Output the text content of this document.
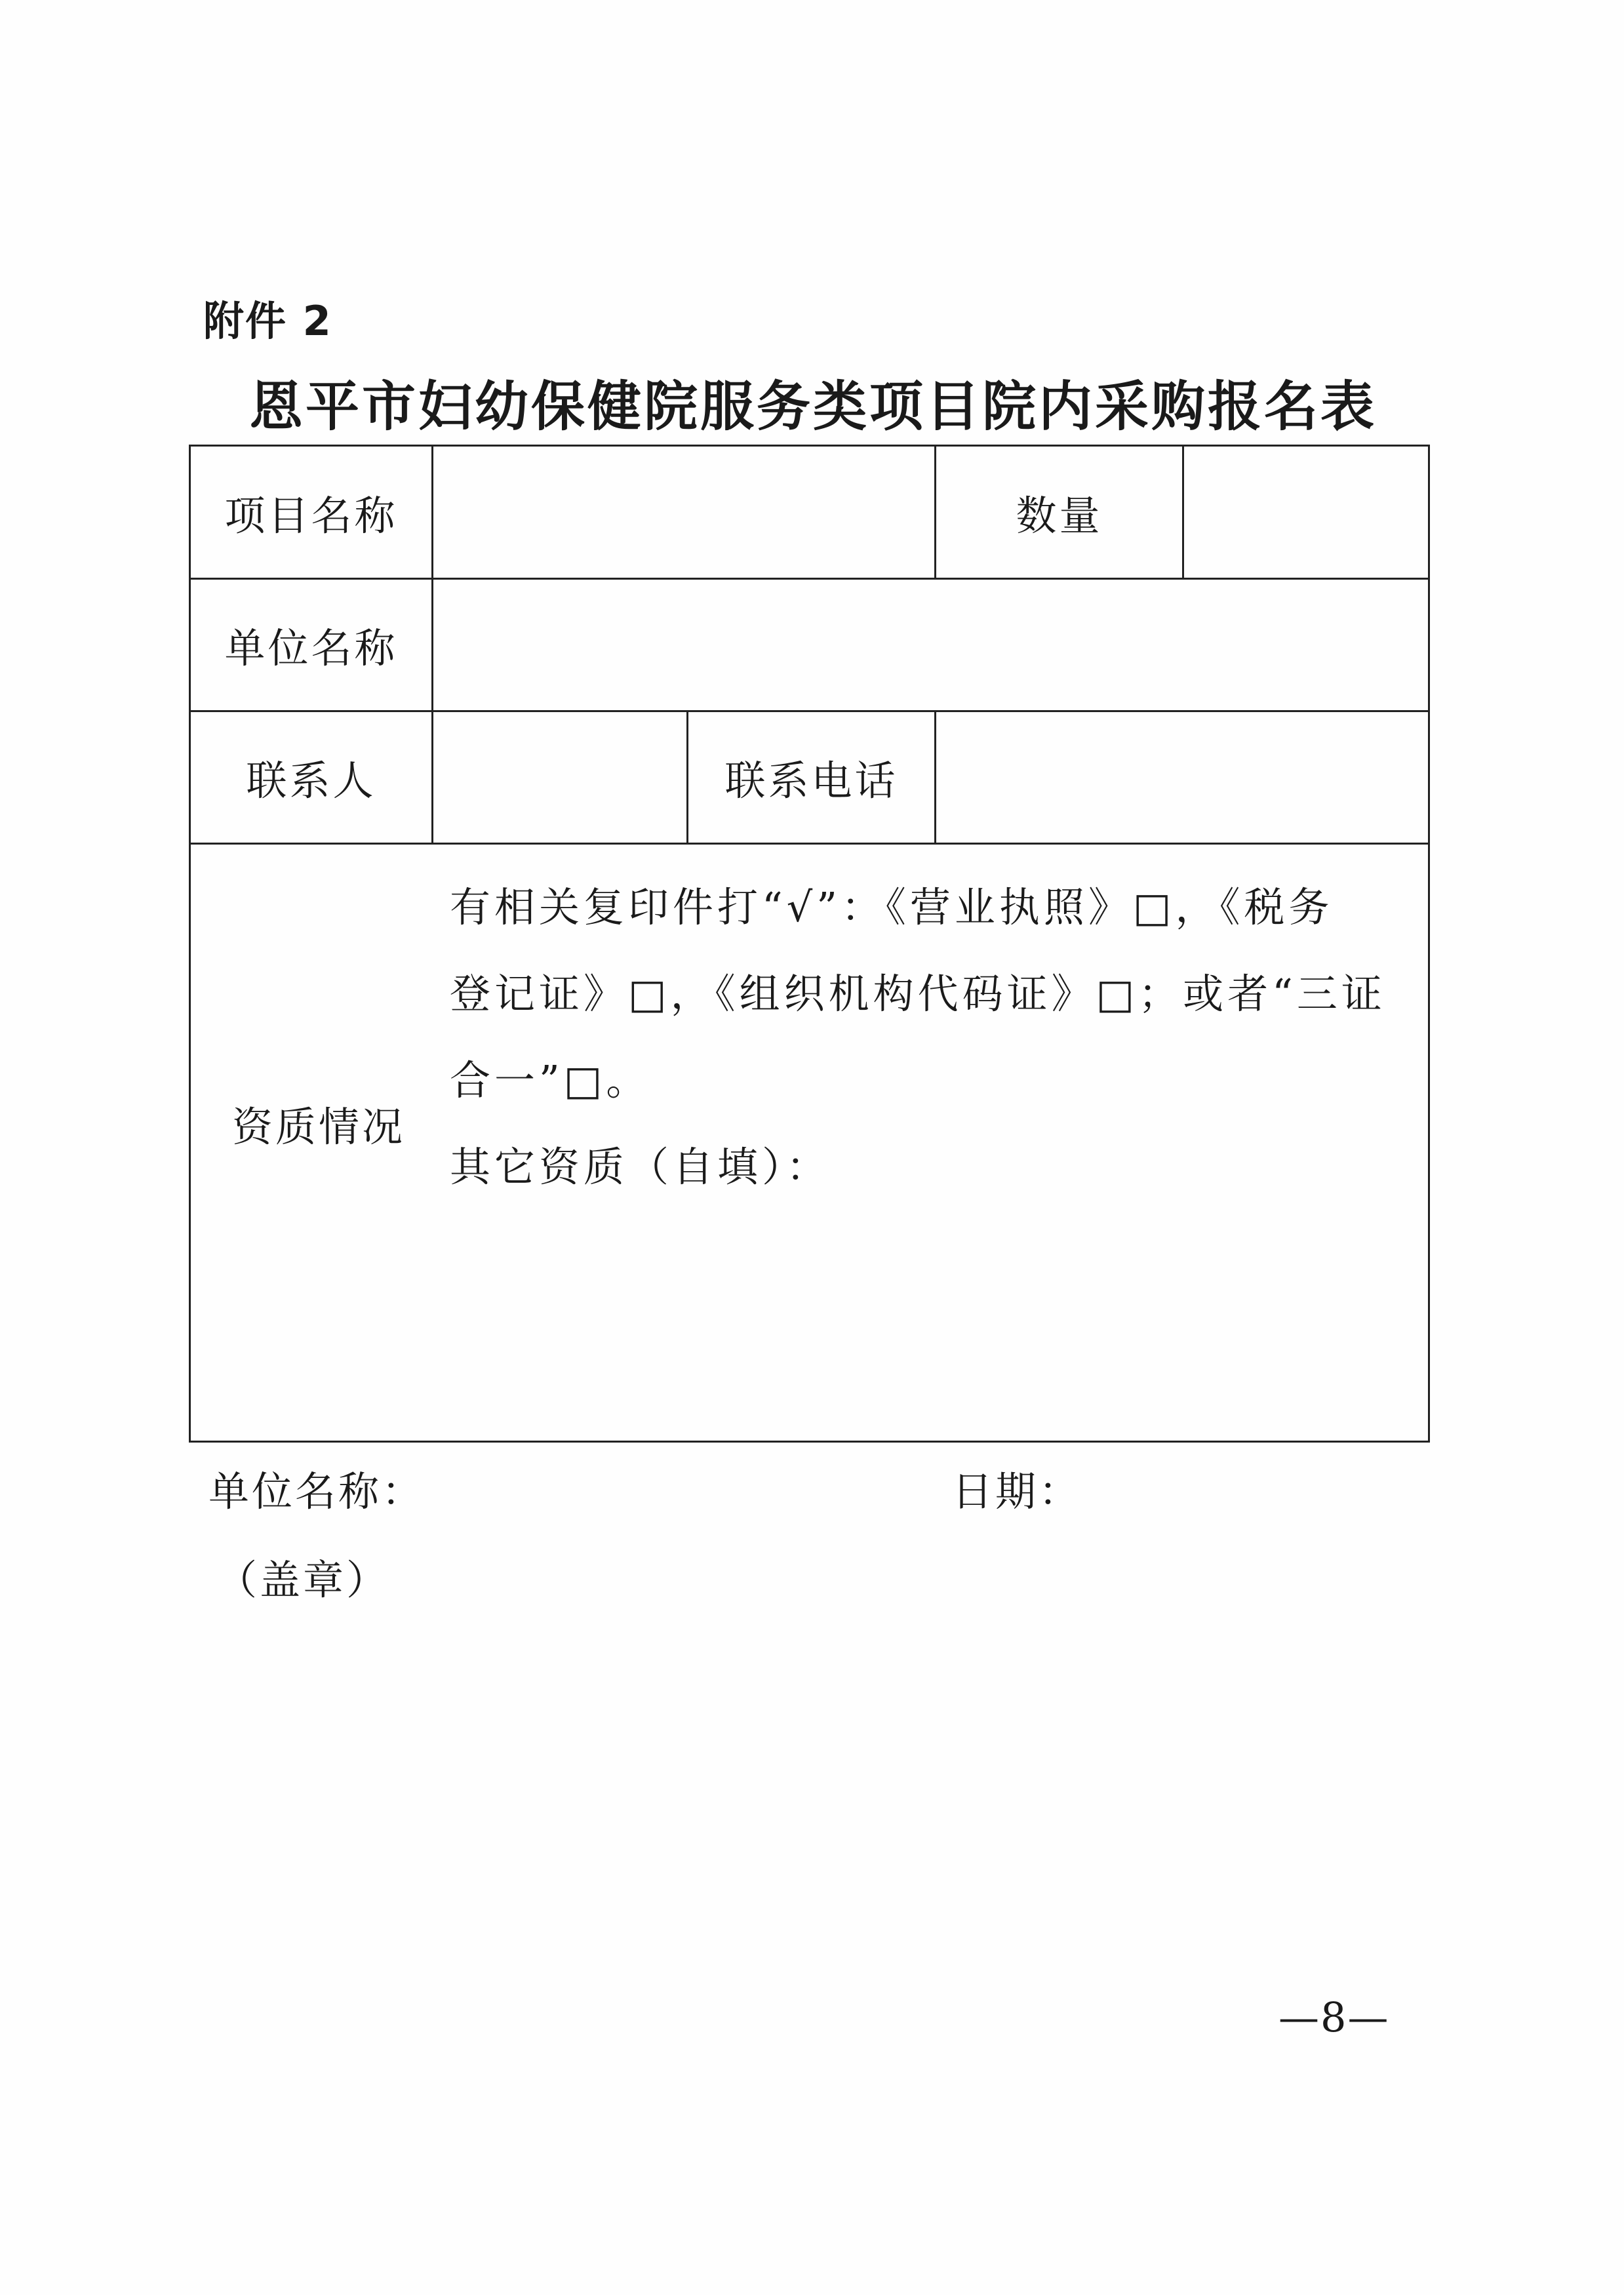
附件 2
恩平市妇幼保健院服务类项目院内采购报名表
项目名称	数量
单位名称
联系人	联系电话
资质情况

有相关复印件打“√”：《营业执照》□，《税务

登记证》□，《组织机构代码证》□；或者“三证

合一”□。

其它资质（自填）：

单位名称：	日期：
（盖章）
—8—
